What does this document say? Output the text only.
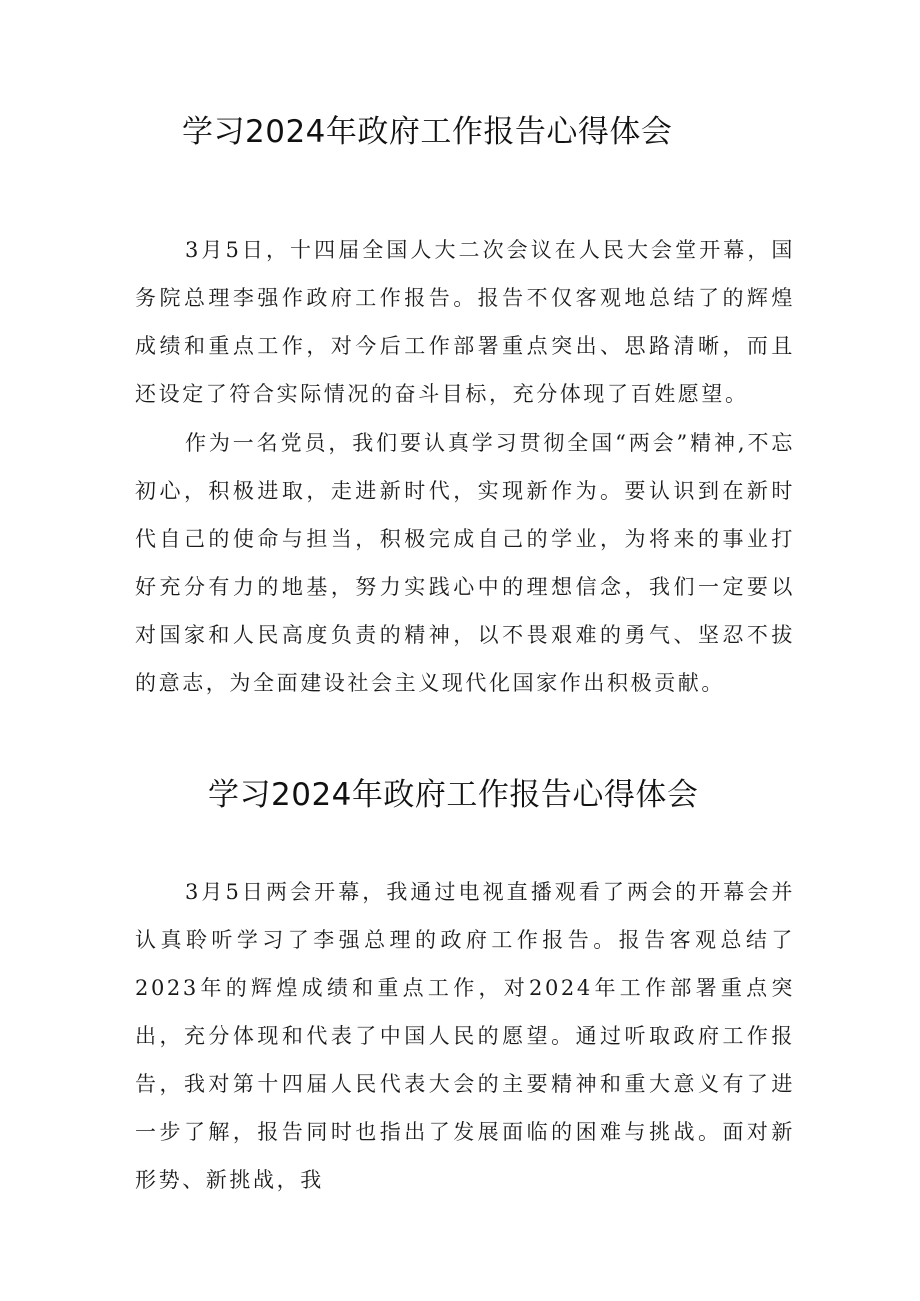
学习2024年政府工作报告心得体会

3月5日，十四届全国人大二次会议在人民大会堂开幕，国务院总理李强作政府工作报告。报告不仅客观地总结了的辉煌成绩和重点工作，对今后工作部署重点突出、思路清晰，而且还设定了符合实际情况的奋斗目标，充分体现了百姓愿望。

作为一名党员，我们要认真学习贯彻全国“两会”精神,不忘初心，积极进取，走进新时代，实现新作为。要认识到在新时代自己的使命与担当，积极完成自己的学业，为将来的事业打好充分有力的地基，努力实践心中的理想信念，我们一定要以对国家和人民高度负责的精神，以不畏艰难的勇气、坚忍不拔的意志，为全面建设社会主义现代化国家作出积极贡献。

学习2024年政府工作报告心得体会

3月5日两会开幕，我通过电视直播观看了两会的开幕会并认真聆听学习了李强总理的政府工作报告。报告客观总结了2023年的辉煌成绩和重点工作，对2024年工作部署重点突出，充分体现和代表了中国人民的愿望。通过听取政府工作报告，我对第十四届人民代表大会的主要精神和重大意义有了进一步了解，报告同时也指出了发展面临的困难与挑战。面对新形势、新挑战，我
